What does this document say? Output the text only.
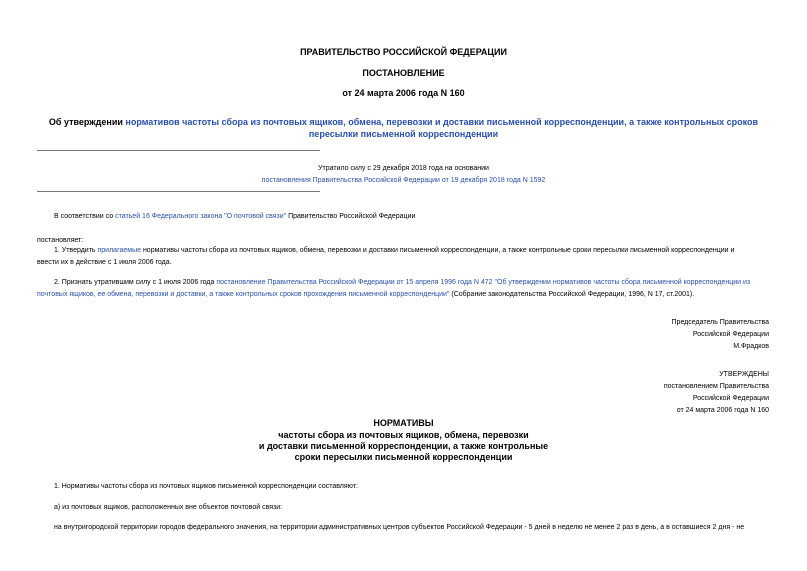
ПРАВИТЕЛЬСТВО РОССИЙСКОЙ ФЕДЕРАЦИИ
ПОСТАНОВЛЕНИЕ
от 24 марта 2006 года N 160
Об утверждении нормативов частоты сбора из почтовых ящиков, обмена, перевозки и доставки письменной корреспонденции, а также контрольных сроков
пересылки письменной корреспонденции
Утратило силу с 29 декабря 2018 года на основании
постановления Правительства Российской Федерации от 19 декабря 2018 года N 1592
В соответствии со статьей 16 Федерального закона "О почтовой связи" Правительство Российской Федерации
постановляет:
1. Утвердить прилагаемые нормативы частоты сбора из почтовых ящиков, обмена, перевозки и доставки письменной корреспонденции, а также контрольные сроки пересылки письменной корреспонденции и
ввести их в действие с 1 июля 2006 года.
2. Признать утратившим силу с 1 июля 2006 года постановление Правительства Российской Федерации от 15 апреля 1996 года N 472 "Об утверждении нормативов частоты сбора письменной корреспонденции из
почтовых ящиков, ее обмена, перевозки и доставки, а также контрольных сроков прохождения письменной корреспонденции" (Собрание законодательства Российской Федерации, 1996, N 17, ст.2001).
Председатель Правительства
Российской Федерации
М.Фрадков
УТВЕРЖДЕНЫ
постановлением Правительства
Российской Федерации
от 24 марта 2006 года N 160
НОРМАТИВЫ
частоты сбора из почтовых ящиков, обмена, перевозки
и доставки письменной корреспонденции, а также контрольные
сроки пересылки письменной корреспонденции
1. Нормативы частоты сбора из почтовых ящиков письменной корреспонденции составляют:
а) из почтовых ящиков, расположенных вне объектов почтовой связи:
на внутригородской территории городов федерального значения, на территории административных центров субъектов Российской Федерации - 5 дней в неделю не менее 2 раз в день, а в оставшиеся 2 дня - не
